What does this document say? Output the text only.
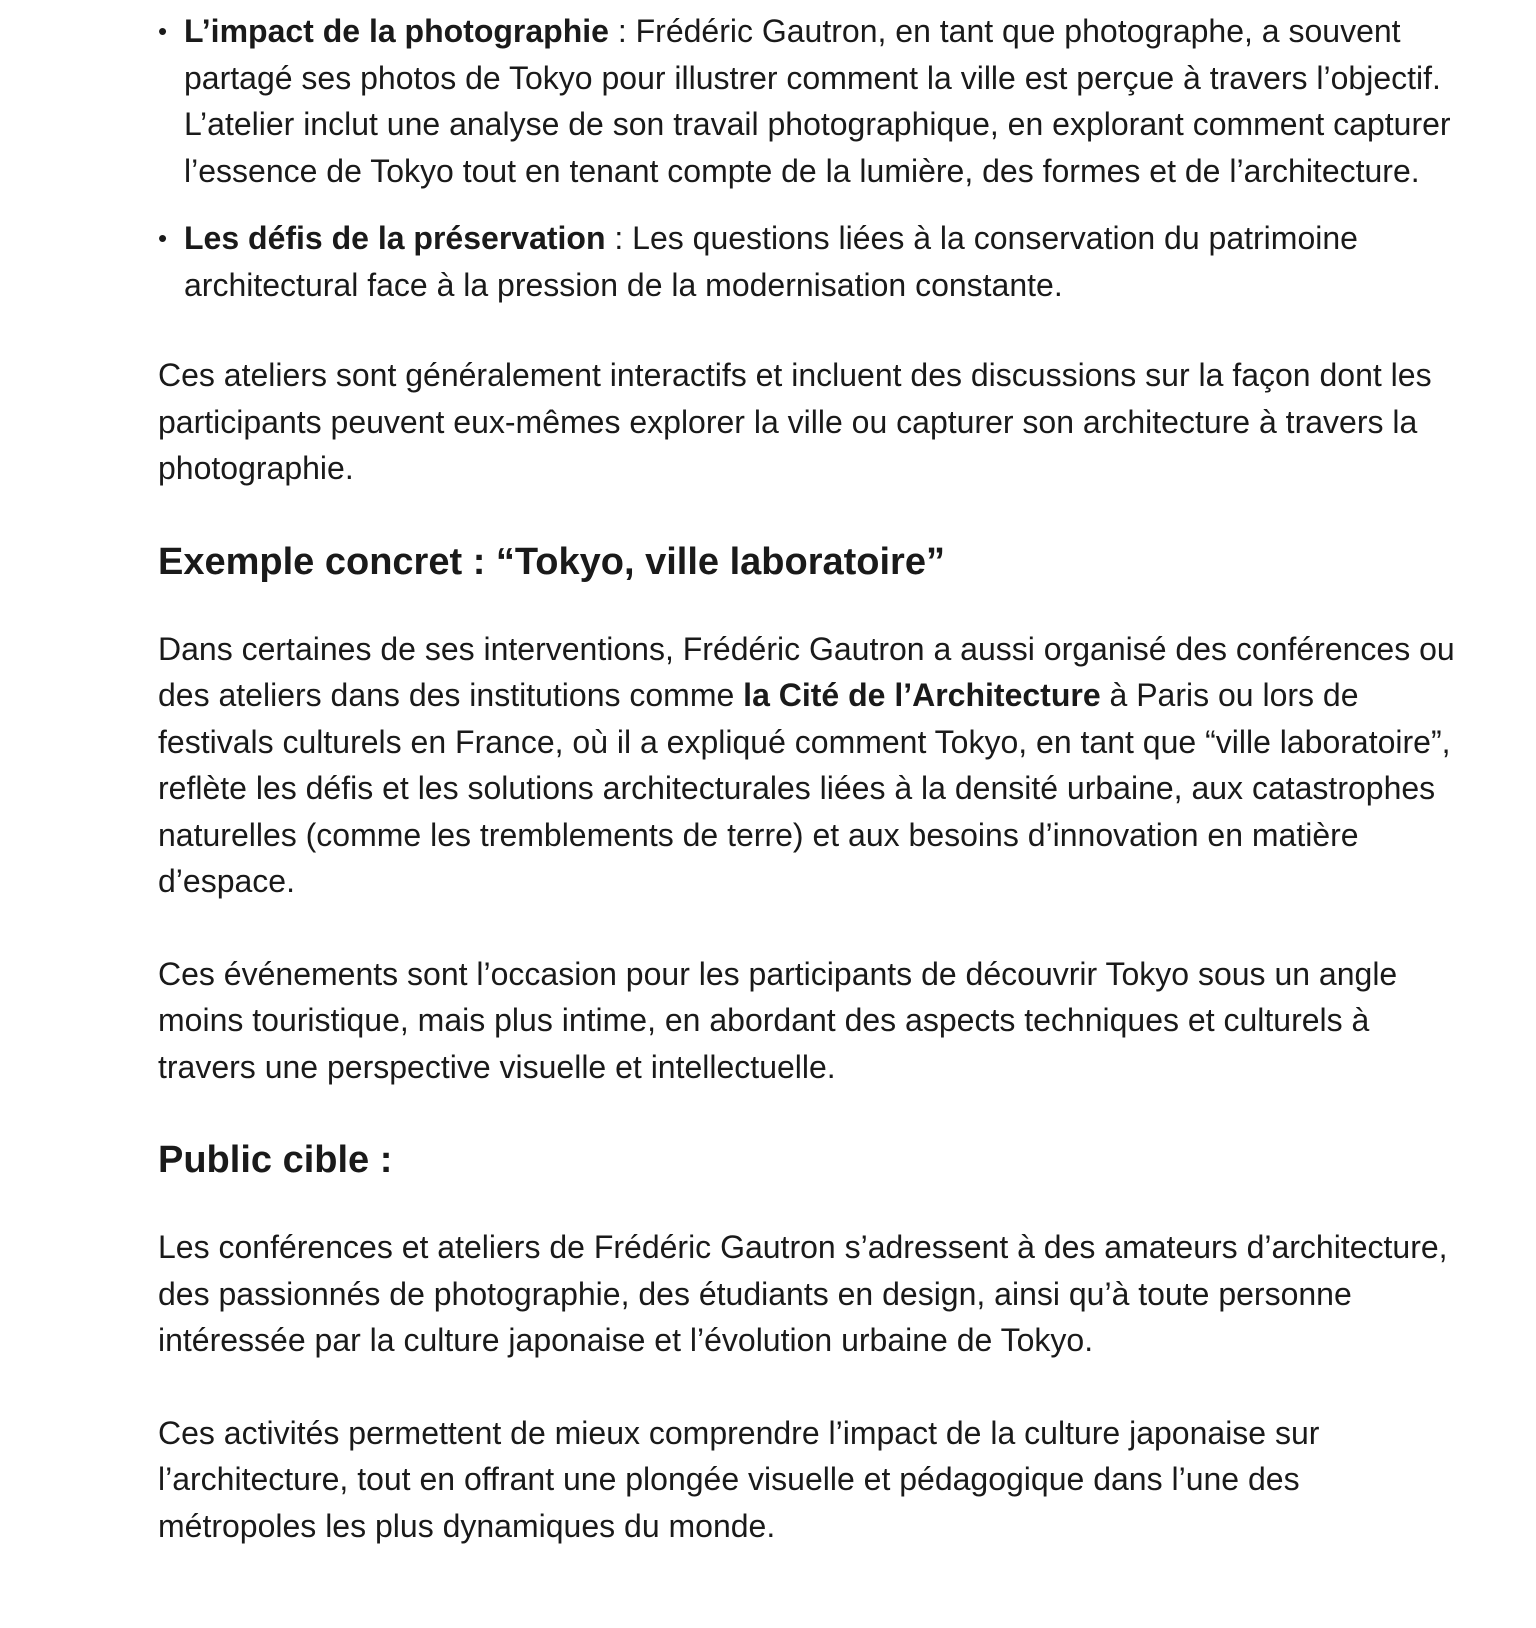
• L’impact de la photographie : Frédéric Gautron, en tant que photographe, a souvent partagé ses photos de Tokyo pour illustrer comment la ville est perçue à travers l’objectif. L’atelier inclut une analyse de son travail photographique, en explorant comment capturer l’essence de Tokyo tout en tenant compte de la lumière, des formes et de l’architecture.
• Les défis de la préservation : Les questions liées à la conservation du patrimoine architectural face à la pression de la modernisation constante.

Ces ateliers sont généralement interactifs et incluent des discussions sur la façon dont les participants peuvent eux-mêmes explorer la ville ou capturer son architecture à travers la photographie.

Exemple concret : “Tokyo, ville laboratoire”

Dans certaines de ses interventions, Frédéric Gautron a aussi organisé des conférences ou des ateliers dans des institutions comme la Cité de l’Architecture à Paris ou lors de festivals culturels en France, où il a expliqué comment Tokyo, en tant que “ville laboratoire”, reflète les défis et les solutions architecturales liées à la densité urbaine, aux catastrophes naturelles (comme les tremblements de terre) et aux besoins d’innovation en matière d’espace.

Ces événements sont l’occasion pour les participants de découvrir Tokyo sous un angle moins touristique, mais plus intime, en abordant des aspects techniques et culturels à travers une perspective visuelle et intellectuelle.

Public cible :

Les conférences et ateliers de Frédéric Gautron s’adressent à des amateurs d’architecture, des passionnés de photographie, des étudiants en design, ainsi qu’à toute personne intéressée par la culture japonaise et l’évolution urbaine de Tokyo.

Ces activités permettent de mieux comprendre l’impact de la culture japonaise sur l’architecture, tout en offrant une plongée visuelle et pédagogique dans l’une des métropoles les plus dynamiques du monde.
